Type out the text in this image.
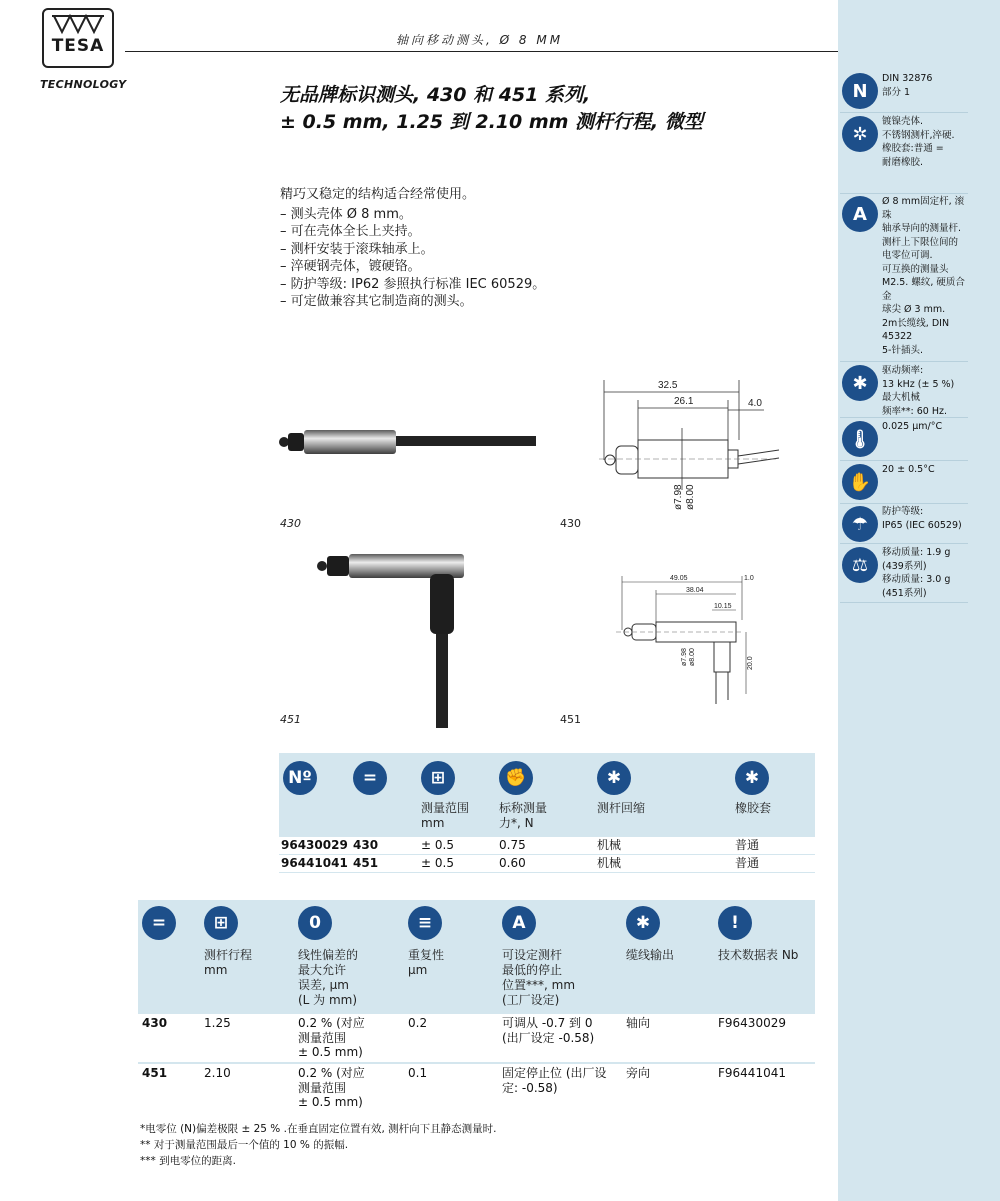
N
DIN 32876
部分 1
✲
镀镍壳体.
不锈钢测杆,淬硬.
橡胶套:普通 =
耐磨橡胶.
A
Ø 8 mm固定杆, 滚珠
轴承导向的测量杆.
测杆上下限位间的
电零位可调.
可互换的测量头
M2.5. 螺纹, 硬质合金
球尖 Ø 3 mm.
2m长缆线, DIN 45322
5-针插头.
✱
驱动频率:
13 kHz (± 5 %)
最大机械
频率**: 60 Hz.
🌡
0.025 µm/°C
✋
20 ± 0.5°C
☂
防护等级:
IP65 (IEC 60529)
⚖
移动质量: 1.9 g
(439系列)
移动质量: 3.0 g
(451系列)
TESA
TECHNOLOGY
轴向移动测头, Ø 8 MM
无品牌标识测头, 430 和 451 系列,
± 0.5 mm, 1.25 到 2.10 mm 测杆行程, 微型
精巧又稳定的结构适合经常使用。
– 测头壳体 Ø 8 mm。
– 可在壳体全长上夹持。
– 测杆安装于滚珠轴承上。
– 淬硬钢壳体，镀硬铬。
– 防护等级: IP62 参照执行标准 IEC 60529。
– 可定做兼容其它制造商的测头。
430
32.5
26.1	4.0
ø7.98 ø8.00
430
451
49.05
38.04
10.15
1.0
20.0
ø7.98 ø8.00
451
Nº	=	⊞
测量范围
mm
✊
标称测量
力*, N
✱
测杆回缩
✱
橡胶套
96430029 430	± 0.5	0.75	机械	普通
96441041 451	± 0.5	0.60	机械	普通
=	⊞
测杆行程
mm
0
线性偏差的
最大允许
误差, µm
(L 为 mm)
≡
重复性
µm
A
可设定测杆
最低的停止
位置***, mm
(工厂设定)
✱
缆线输出
!
技术数据表 Nb
430	1.25	0.2 % (对应
测量范围
± 0.5 mm)
0.2	可调从 -0.7 到 0
(出厂设定 -0.58)
轴向	F96430029
451	2.10	0.2 % (对应
测量范围
± 0.5 mm)
0.1	固定停止位 (出厂设
定: -0.58)
旁向	F96441041
*电零位 (N)偏差极限 ± 25 % .在垂直固定位置有效, 测杆向下且静态测量时.
** 对于测量范围最后一个值的 10 % 的振幅.
*** 到电零位的距离.
